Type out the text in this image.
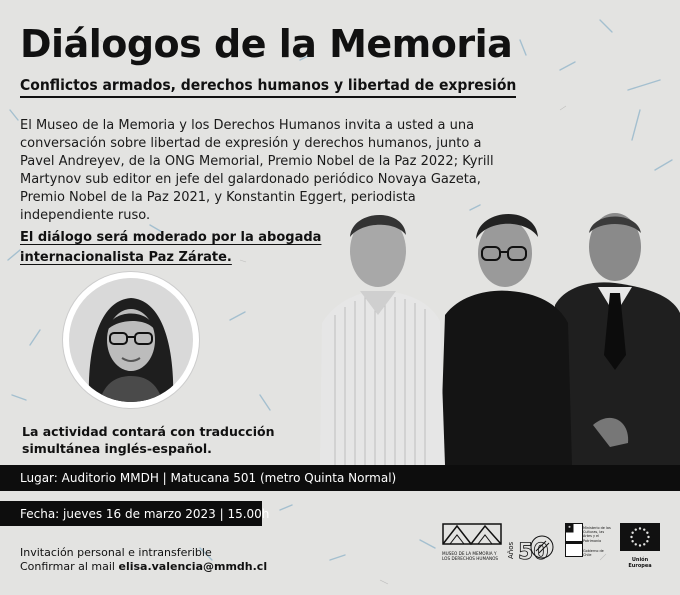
Diálogos de la Memoria
Conflictos armados, derechos humanos y libertad de expresión

El Museo de la Memoria y los Derechos Humanos invita a usted a una conversación sobre libertad de expresión y derechos humanos, junto a Pavel Andreyev, de la ONG Memorial, Premio Nobel de la Paz 2022; Kyrill Martynov sub editor en jefe del galardonado periódico Novaya Gazeta, Premio Nobel de la Paz 2021, y Konstantin Eggert, periodista independiente ruso.

El diálogo será moderado por la abogada
internacionalista Paz Zárate.

La actividad contará con traducción
simultánea inglés-español.

Lugar: Auditorio MMDH | Matucana 501 (metro Quinta Normal)
Fecha: jueves 16 de marzo 2023 | 15.00h
Invitación personal e intransferible
Confirmar al mail elisa.valencia@mmdh.cl
MUSEO DE LA MEMORIA Y LOS DERECHOS HUMANOS	Años 50
Ministerio de las Culturas, las Artes y el Patrimonio
Gobierno de Chile
Unión Europea
